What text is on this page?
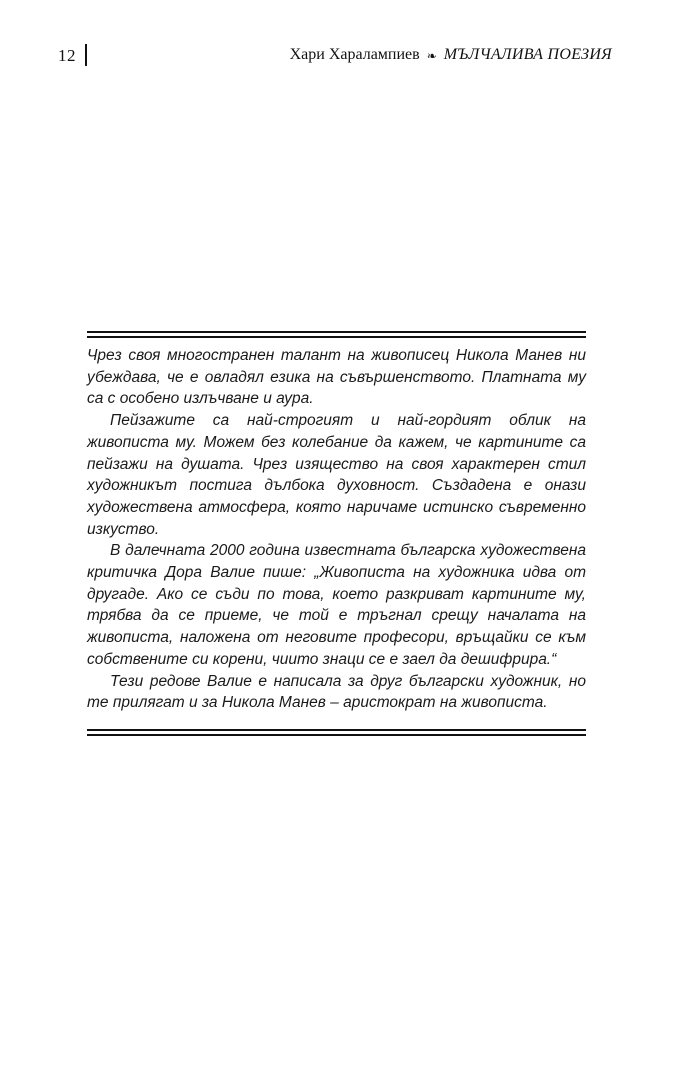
12	Хари Харалампиев ❧ МЪЛЧАЛИВА ПОЕЗИЯ

Чрез своя многостранен талант на живописец Никола Манев ни убеждава, че е овладял езика на съвършенството. Платната му са с особено излъчване и аура.

Пейзажите са най-строгият и най-гордият облик на живописта му. Можем без колебание да кажем, че картините са пейзажи на душата. Чрез изящество на своя характерен стил художникът постига дълбока духовност. Създадена е онази художествена атмосфера, която наричаме истинско съвременно изкуство.

В далечната 2000 година известната българска художествена критичка Дора Валие пише: „Живописта на художника идва от другаде. Ако се съди по това, което разкриват картините му, трябва да се приеме, че той е тръгнал срещу началата на живописта, наложена от неговите професори, връщайки се към собствените си корени, чиито знаци се е заел да дешифрира.“

Тези редове Валие е написала за друг български художник, но те прилягат и за Никола Манев – аристократ на живописта.
